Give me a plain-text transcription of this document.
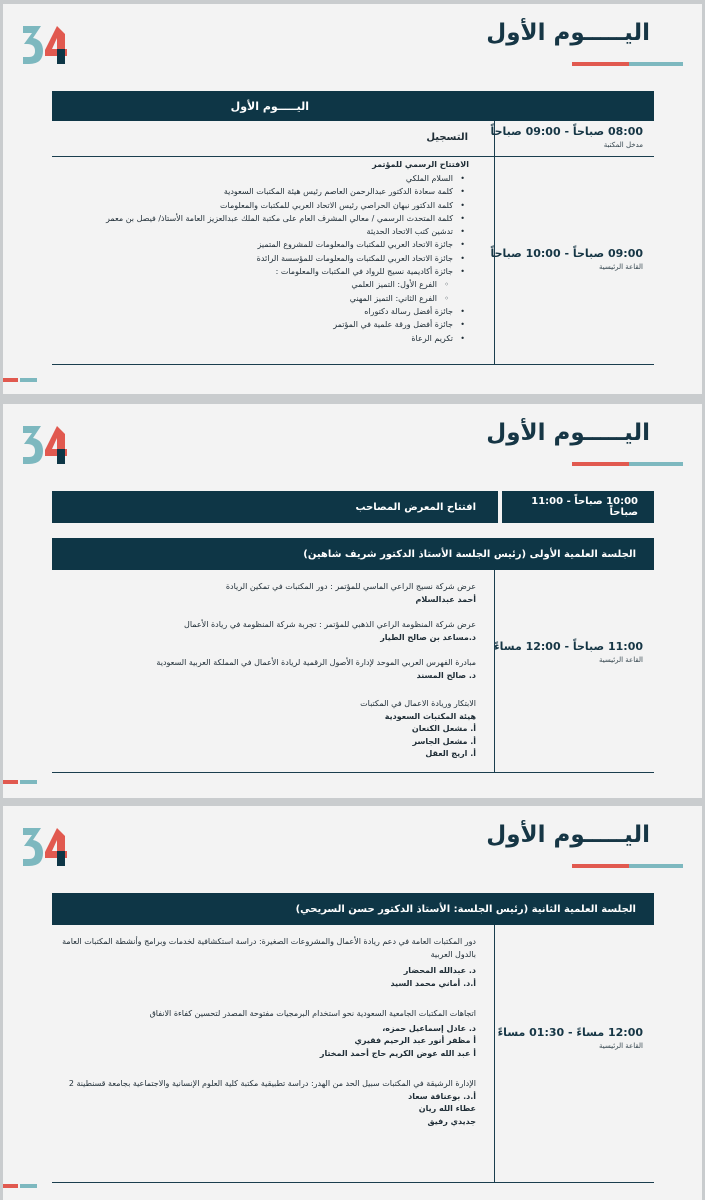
اليـــــوم الأول
اليـــــوم الأول
08:00 صباحاً - 09:00 صباحاً
مدخل المكتبة
التسجيل
09:00 صباحاً - 10:00 صباحاً
القاعة الرئيسية
الافتتاح الرسمي للمؤتمر
• السلام الملكي
• كلمة سعادة الدكتور عبدالرحمن العاصم رئيس هيئة المكتبات السعودية
• كلمة الدكتور نبهان الحراصي رئيس الاتحاد العربي للمكتبات والمعلومات
• كلمة المتحدث الرسمي / معالي المشرف العام على مكتبة الملك عبدالعزيز العامة الأستاذ/ فيصل بن معمر
• تدشين كتب الاتحاد الحديثة
• جائزة الاتحاد العربي للمكتبات والمعلومات للمشروع المتميز
• جائزة الاتحاد العربي للمكتبات والمعلومات للمؤسسة الرائدة
• جائزة أكاديمية نسيج للرواد في المكتبات والمعلومات :
◦ الفرع الأول: التميز العلمي
◦ الفرع الثاني: التميز المهني
• جائزة أفضل رسالة دكتوراه
• جائزة أفضل ورقة علمية في المؤتمر
• تكريم الرعاة
اليـــــوم الأول
افتتاح المعرض المصاحب	10:00 صباحاً - 11:00 صباحاً
الجلسة العلمية الأولى (رئيس الجلسة الأستاذ الدكتور شريف شاهين)
11:00 صباحاً - 12:00 مساءً
القاعة الرئيسية
عرض شركة نسيج الراعي الماسي للمؤتمر : دور المكتبات في تمكين الريادة
أحمد عبدالسلام
عرض شركة المنظومة الراعي الذهبي للمؤتمر : تجربة شركة المنظومة في ريادة الأعمال
د.مساعد بن صالح الطيار
مبادرة الفهرس العربي الموحد لإدارة الأصول الرقمية لريادة الأعمال في المملكة العربية السعودية
د. صالح المسند
الابتكار وريادة الاعمال في المكتبات
هيئة المكتبات السعودية
أ. مشعل الكنعان
أ. مشعل الجاسر
أ. اريج العقل
اليـــــوم الأول
الجلسة العلمية الثانية (رئيس الجلسة: الأستاذ الدكتور حسن السريحي)
12:00 مساءً - 01:30 مساءً
القاعة الرئيسية
دور المكتبات العامة في دعم ريادة الأعمال والمشروعات الصغيرة: دراسة استكشافية لخدمات وبرامج وأنشطة المكتبات العامة بالدول العربية
د. عبدالله المحضار
أ.د. أماني محمد السيد
اتجاهات المكتبات الجامعية السعودية نحو استخدام البرمجيات مفتوحة المصدر لتحسين كفاءة الانفاق
د. عادل إسماعيل حمزه،
أ مظفر أنور عبد الرحيم فقيري
أ عبد الله عوض الكريم حاج أحمد المختار
الإدارة الرشيقة في المكتبات سبيل الحد من الهدر: دراسة تطبيقية مكتبة كلية العلوم الإنسانية والاجتماعية بجامعة قسنطينة 2
أ.د. بوعناقة سعاد
عطاء الله ريان
جديدي رفيق
